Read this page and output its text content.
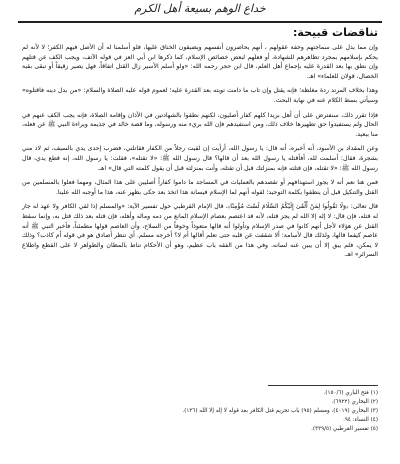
ﺧﺪاع اﻟﻮﻫﻢ ﺑﺴﻴﻌﺔ أﻫﻞ اﻟﻜﺮم
تناقضات قبيحة:

وإن مما يدل على سماجتهم وخفة عقولهم ، أنهم يحاصرون أنفسهم ويضيقون الخناق عليها، فلو أسلمنا له أن الأصل فيهم الكفر؛ لا لأنه لم يحكم بإسلامهم بمجرد تظاهرهم للشهادة، أو فعلهم لبعض خصائص الإسلام، كما ذكرها ابن أبي العز في قوله الآتف، ويجب الكف عن قتلهم وإن نطق بها بعد القدرة عليه بإجماع أهل العلم، قال ابن حجر رحمه الله: «ولو أسلم الأسير زال القتل اتفاقاً، فهل يصير رقيقاً أو تبقى بقية الخصال، قولان للعلماء» اهـ.

وهذا بخلاف المرتد ردة مغلظة؛ فإنه يقتل وإن تاب ما دامت توبته بعد القدرة عليه؛ لعموم قوله عليه الصلاة والسلام: «من بدل دينه فاقتلوه» وسيأتي بسط الكلام عنه في نهاية البحث.

فإذا تقرر ذلك، سنفترض على أن أهل بريدا كلهم كفار أصليون، لكنهم نطقوا بالشهادتين في الأذان وإقامة الصلاة، فإنه يجب الكف عنهم في الحال ولم يستفيدوا حق تطهيرها خلاف ذلك، ومن استفيدهم فإن الله بريء منه ورسوله، وما قصة خالد في جذيمة ويراءة النبي ﷺ عن فعله، منا ببعيد.

وعن المقداد بن الأسود، أنه أخبره، أنه قال: يا رسول الله، أرأيت إن لقيت رجلاً من الكفار فقاتلني، فضرب إحدى يدي بالسيف، ثم لاذ مني بشجرة، فقال: أسلمت لله، أفأقتله يا رسول الله بعد أن قالها؟ قال رسول الله ﷺ: «لا تقتله»، فقلت: يا رسول الله، إنه قطع يدي، قال رسول الله ﷺ: «لا تقتله، فإن قتلته فإنه بمنزلتك قبل أن تقتله، وأنت بمنزلته قبل أن يقول كلمته التي قال» اهـ.

فمن هنا نعم أنه لا يجوز استهدافهم أو تقصدهم بالعمليات في المساجد ما داموا كفاراً أصليين على هذا المثال، ومهما فعلوا بالمسلمين من القتل والتنكيل قبل أن ينطقوا بكلمة التوحيد؛ لقوله أنهم لما الإسلام فيسانة هذا اتخذ بعد حكى بظهر عنه، هذا ما أوجبه الله علينا.

قال تعالى: ﴿وَلَا تَقُولُوا لِمَنْ أَلْقَىٰ إِلَيْكُمُ السَّلَامَ لَسْتَ مُؤْمِنًا﴾، قال الإمام القرطبي حول تفسير الآية: «والمسلم إذا لقي الكافر ولا عهد له جاز له قتله، فإن قال: لا إله إلا الله لم يجز قتله، لأنه قد اعتصم بعصام الإسلام المانع من دمه وماله وأهله، فإن قتله بعد ذلك قتل به، وإنما سقط القتل عن هؤلاء لأجل أنهم كانوا في صدر الإسلام وتأولوا أنه قالها متعوذاً وخوفاً من السلاح، وأن العاصم قولها مطمئناً، فأخبر النبي ﷺ أنه عاصم كيفما قالها، ولذلك قال لأسامة: ألا شققت عن قلبه حتى تعلم أقالها أم لا؟ أخرجه مسلم. أي تنظر أصادق هو في قوله أم كاذب؟ وذلك لا يمكن، فلم يبق إلا أن يبين عنه لسانه. وفي هذا من الفقه باب عظيم، وهو أن الأحكام تناط بالمظان والظواهر لا على القطع واطلاع السرائر» اهـ.

(١) فتح الباري (١٥٠/٦).

(٢) البخاري (٦٩٢٢).

(٣) البخاري (٤٠١٩)، ومسلم (٩٥) باب تحريم قتل الكافر بعد قوله لا إله إلا الله (١٣٦).

(٤) النساء: ٩٤.

(٥) تفسير القرطبي (٣٣٩/٥).
